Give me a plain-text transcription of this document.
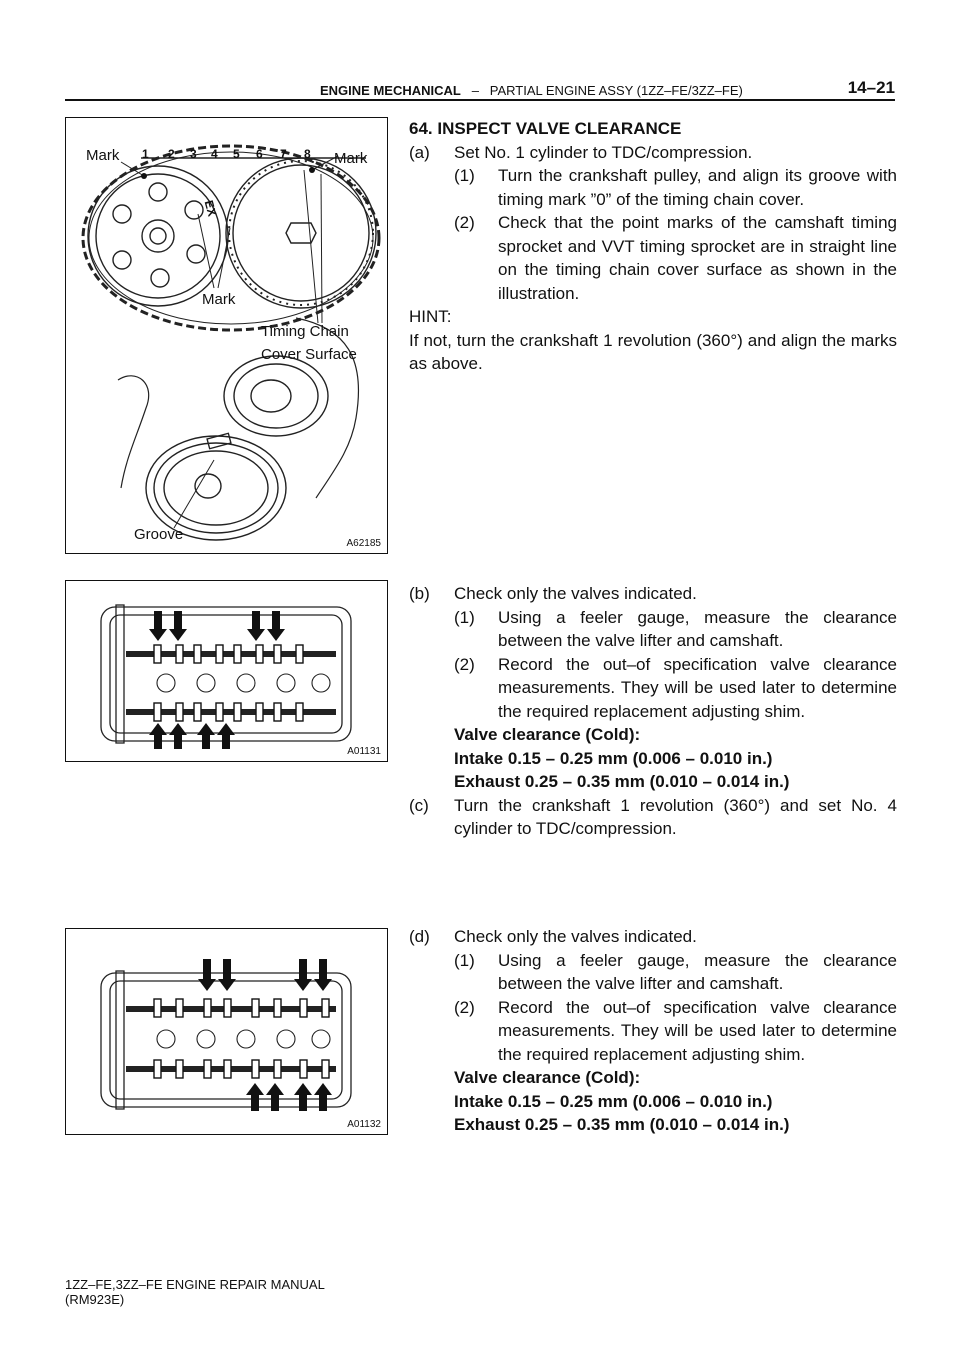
ENGINE MECHANICAL – PARTIAL ENGINE ASSY (1ZZ–FE/3ZZ–FE)	14–21
Mark	Mark
Mark
Timing Chain
Cover Surface
Groove
EX
1 2 3 4 5 6 7 8
A62185
A01131
A01132
64. INSPECT VALVE CLEARANCE
(a) Set No. 1 cylinder to TDC/compression.
(1) Turn the crankshaft pulley, and align its groove with timing mark ”0” of the timing chain cover.
(2) Check that the point marks of the camshaft timing sprocket and VVT timing sprocket are in straight line on the timing chain cover surface as shown in the illustration.
HINT:
If not, turn the crankshaft 1 revolution (360°) and align the marks as above.
(b) Check only the valves indicated.
(1) Using a feeler gauge, measure the clearance between the valve lifter and camshaft.
(2) Record the out–of specification valve clearance measurements. They will be used later to determine the required replacement adjusting shim.
Valve clearance (Cold):
Intake 0.15 – 0.25 mm (0.006 – 0.010 in.)
Exhaust 0.25 – 0.35 mm (0.010 – 0.014 in.)
(c) Turn the crankshaft 1 revolution (360°) and set No. 4 cylinder to TDC/compression.
(d) Check only the valves indicated.
(1) Using a feeler gauge, measure the clearance between the valve lifter and camshaft.
(2) Record the out–of specification valve clearance measurements. They will be used later to determine the required replacement adjusting shim.
Valve clearance (Cold):
Intake 0.15 – 0.25 mm (0.006 – 0.010 in.)
Exhaust 0.25 – 0.35 mm (0.010 – 0.014 in.)
1ZZ–FE,3ZZ–FE ENGINE REPAIR MANUAL
(RM923E)
